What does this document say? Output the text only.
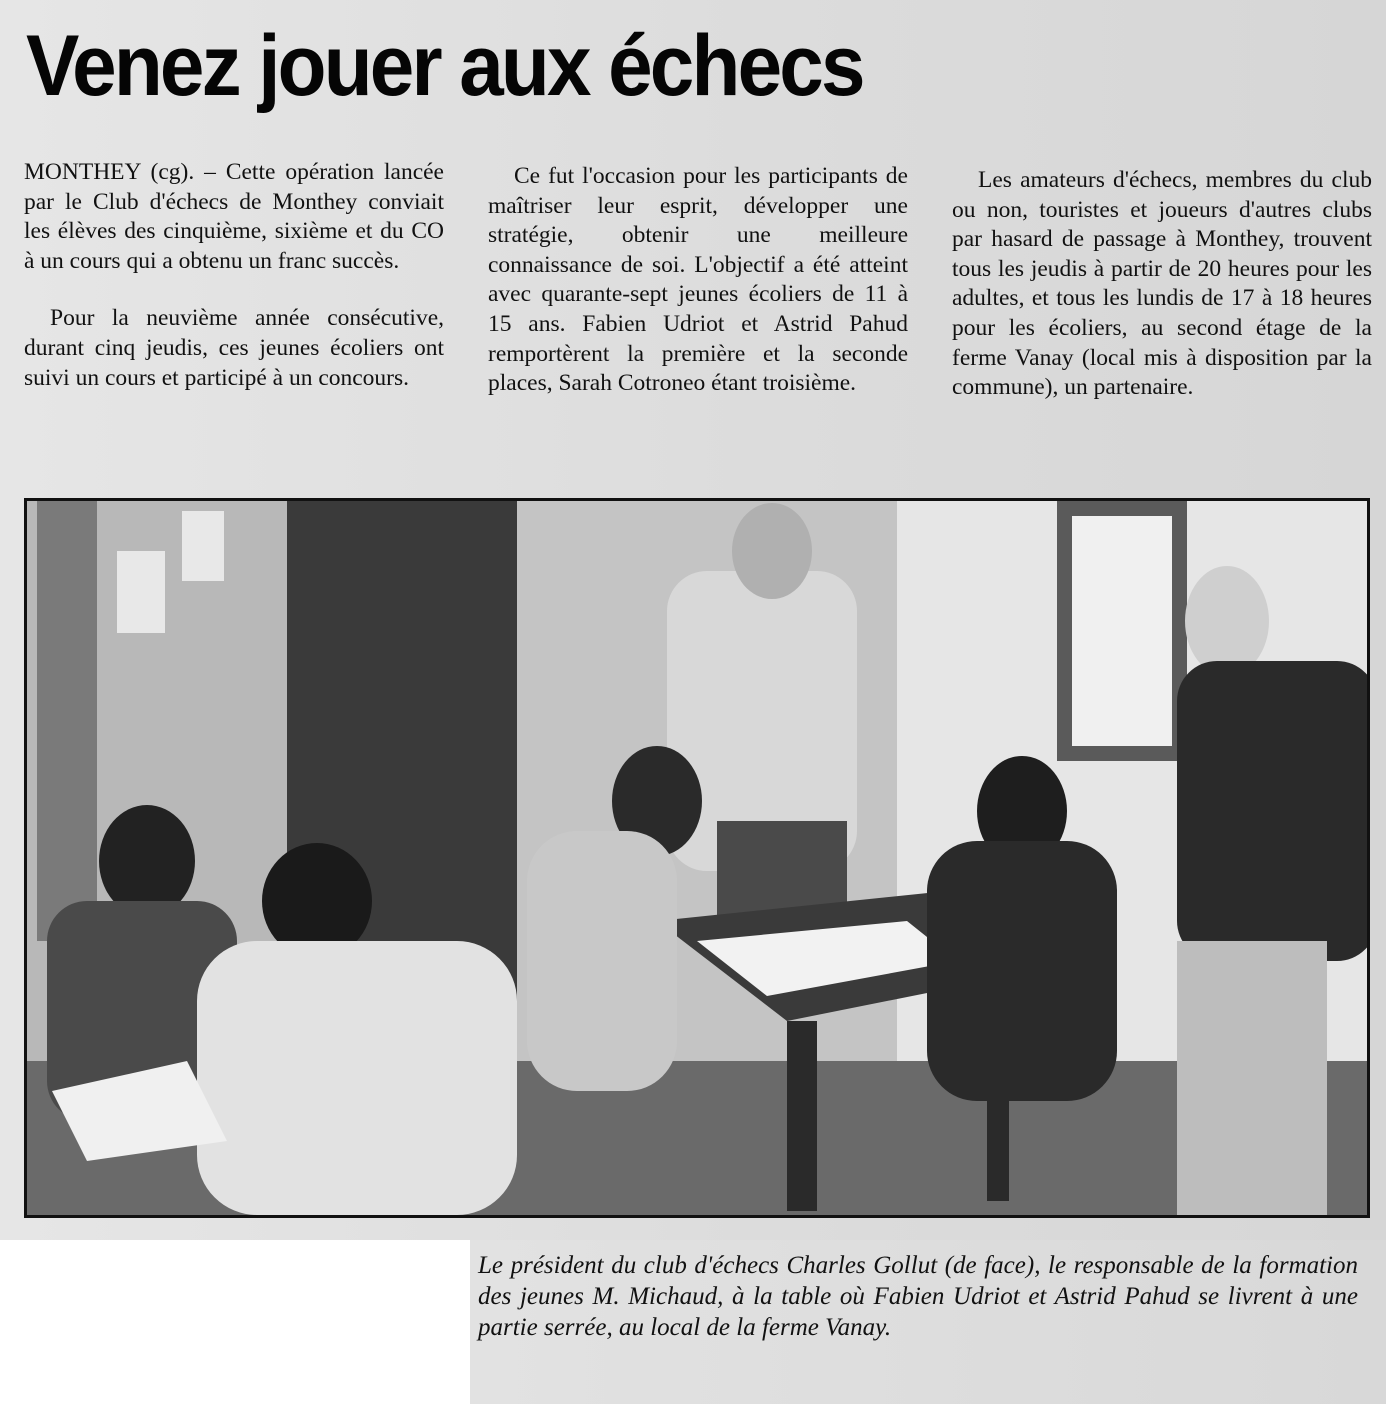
Venez jouer aux échecs

MONTHEY (cg). – Cette opération lancée par le Club d'échecs de Monthey conviait les élèves des cinquième, sixième et du CO à un cours qui a obtenu un franc succès.

Pour la neuvième année consécutive, durant cinq jeudis, ces jeunes écoliers ont suivi un cours et participé à un concours.

Ce fut l'occasion pour les participants de maîtriser leur esprit, développer une stratégie, obtenir une meilleure connaissance de soi. L'objectif a été atteint avec quarante-sept jeunes écoliers de 11 à 15 ans. Fabien Udriot et Astrid Pahud remportèrent la première et la seconde places, Sarah Cotroneo étant troisième.

Les amateurs d'échecs, membres du club ou non, touristes et joueurs d'autres clubs par hasard de passage à Monthey, trouvent tous les jeudis à partir de 20 heures pour les adultes, et tous les lundis de 17 à 18 heures pour les écoliers, au second étage de la ferme Vanay (local mis à disposition par la commune), un partenaire.

Le président du club d'échecs Charles Gollut (de face), le responsable de la formation des jeunes M. Michaud, à la table où Fabien Udriot et Astrid Pahud se livrent à une partie serrée, au local de la ferme Vanay.
